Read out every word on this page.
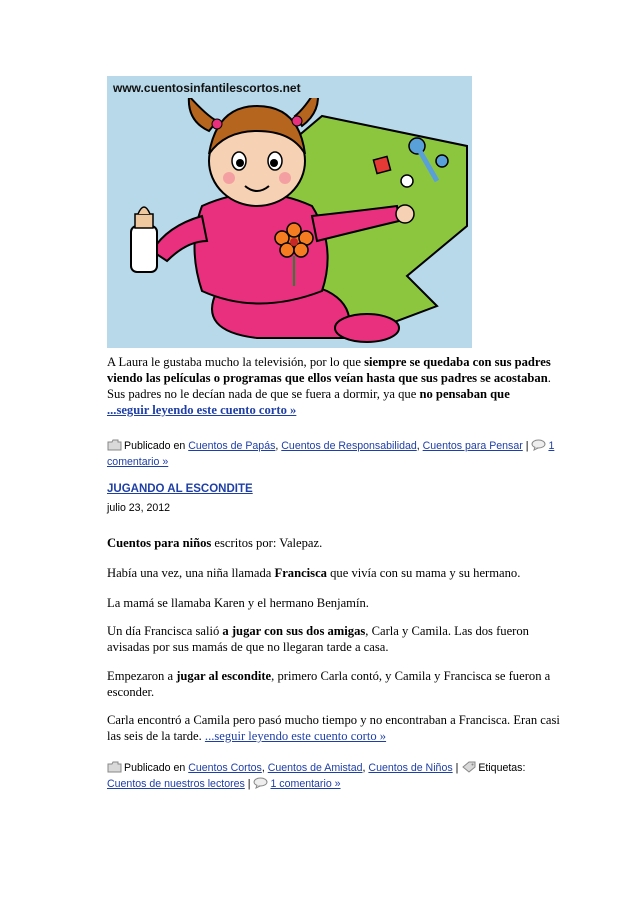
www.cuentosinfantilescortos.net
A Laura le gustaba mucho la televisión, por lo que siempre se quedaba con sus padres viendo las películas o programas que ellos veían hasta que sus padres se acostaban. Sus padres no le decían nada de que se fuera a dormir, ya que no pensaban que
...seguir leyendo este cuento corto »
Publicado en Cuentos de Papás, Cuentos de Responsabilidad, Cuentos para Pensar | 1 comentario »
JUGANDO AL ESCONDITE
julio 23, 2012
Cuentos para niños escritos por: Valepaz.
Había una vez, una niña llamada Francisca que vivía con su mama y su hermano.
La mamá se llamaba Karen y el hermano Benjamín.
Un día Francisca salió a jugar con sus dos amigas, Carla y Camila. Las dos fueron avisadas por sus mamás de que no llegaran tarde a casa.
Empezaron a jugar al escondite, primero Carla contó, y Camila y Francisca se fueron a esconder.
Carla encontró a Camila pero pasó mucho tiempo y no encontraban a Francisca. Eran casi las seis de la tarde. ...seguir leyendo este cuento corto »
Publicado en Cuentos Cortos, Cuentos de Amistad, Cuentos de Niños | Etiquetas:
Cuentos de nuestros lectores | 1 comentario »
